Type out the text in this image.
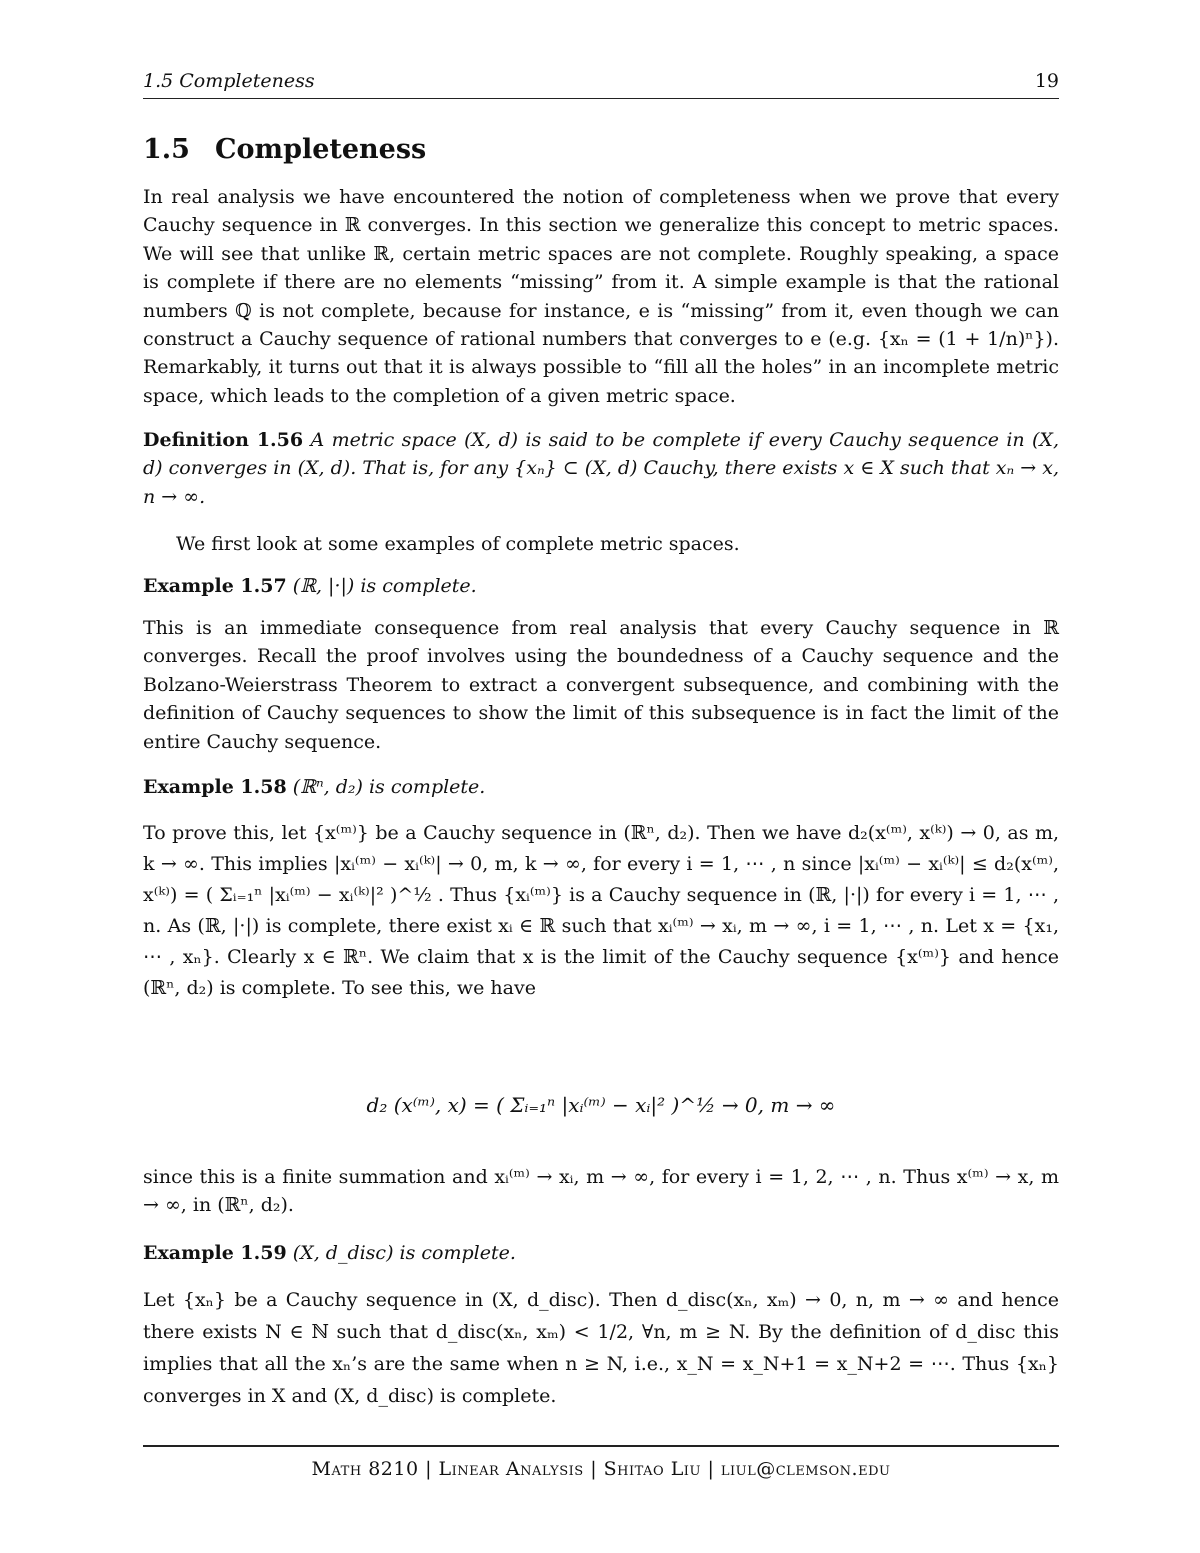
1.5 Completeness	19
1.5 Completeness

In real analysis we have encountered the notion of completeness when we prove that every Cauchy sequence in ℝ converges. In this section we generalize this concept to metric spaces. We will see that unlike ℝ, certain metric spaces are not complete. Roughly speaking, a space is complete if there are no elements “missing” from it. A simple example is that the rational numbers ℚ is not complete, because for instance, e is “missing” from it, even though we can construct a Cauchy sequence of rational numbers that converges to e (e.g. {xₙ = (1 + 1/n)ⁿ}). Remarkably, it turns out that it is always possible to “fill all the holes” in an incomplete metric space, which leads to the completion of a given metric space.

Definition 1.56 A metric space (X, d) is said to be complete if every Cauchy sequence in (X, d) converges in (X, d). That is, for any {xₙ} ⊂ (X, d) Cauchy, there exists x ∈ X such that xₙ → x, n → ∞.

We first look at some examples of complete metric spaces.

Example 1.57 (ℝ, |·|) is complete.

This is an immediate consequence from real analysis that every Cauchy sequence in ℝ converges. Recall the proof involves using the boundedness of a Cauchy sequence and the Bolzano-Weierstrass Theorem to extract a convergent subsequence, and combining with the definition of Cauchy sequences to show the limit of this subsequence is in fact the limit of the entire Cauchy sequence.

Example 1.58 (ℝⁿ, d₂) is complete.

To prove this, let {x⁽ᵐ⁾} be a Cauchy sequence in (ℝⁿ, d₂). Then we have d₂(x⁽ᵐ⁾, x⁽ᵏ⁾) → 0, as m, k → ∞. This implies |xᵢ⁽ᵐ⁾ − xᵢ⁽ᵏ⁾| → 0, m, k → ∞, for every i = 1, ⋯ , n since |xᵢ⁽ᵐ⁾ − xᵢ⁽ᵏ⁾| ≤ d₂(x⁽ᵐ⁾, x⁽ᵏ⁾) = ( Σᵢ₌₁ⁿ |xᵢ⁽ᵐ⁾ − xᵢ⁽ᵏ⁾|² )^½ . Thus {xᵢ⁽ᵐ⁾} is a Cauchy sequence in (ℝ, |·|) for every i = 1, ⋯ , n. As (ℝ, |·|) is complete, there exist xᵢ ∈ ℝ such that xᵢ⁽ᵐ⁾ → xᵢ, m → ∞, i = 1, ⋯ , n. Let x = {x₁, ⋯ , xₙ}. Clearly x ∈ ℝⁿ. We claim that x is the limit of the Cauchy sequence {x⁽ᵐ⁾} and hence (ℝⁿ, d₂) is complete. To see this, we have

d₂ (x⁽ᵐ⁾, x) = ( Σᵢ₌₁ⁿ |xᵢ⁽ᵐ⁾ − xᵢ|² )^½ → 0, m → ∞

since this is a finite summation and xᵢ⁽ᵐ⁾ → xᵢ, m → ∞, for every i = 1, 2, ⋯ , n. Thus x⁽ᵐ⁾ → x, m → ∞, in (ℝⁿ, d₂).

Example 1.59 (X, d_disc) is complete.

Let {xₙ} be a Cauchy sequence in (X, d_disc). Then d_disc(xₙ, xₘ) → 0, n, m → ∞ and hence there exists N ∈ ℕ such that d_disc(xₙ, xₘ) < 1/2, ∀n, m ≥ N. By the definition of d_disc this implies that all the xₙ’s are the same when n ≥ N, i.e., x_N = x_N+1 = x_N+2 = ⋯. Thus {xₙ} converges in X and (X, d_disc) is complete.

Math 8210 | Linear Analysis | Shitao Liu | liul@clemson.edu
